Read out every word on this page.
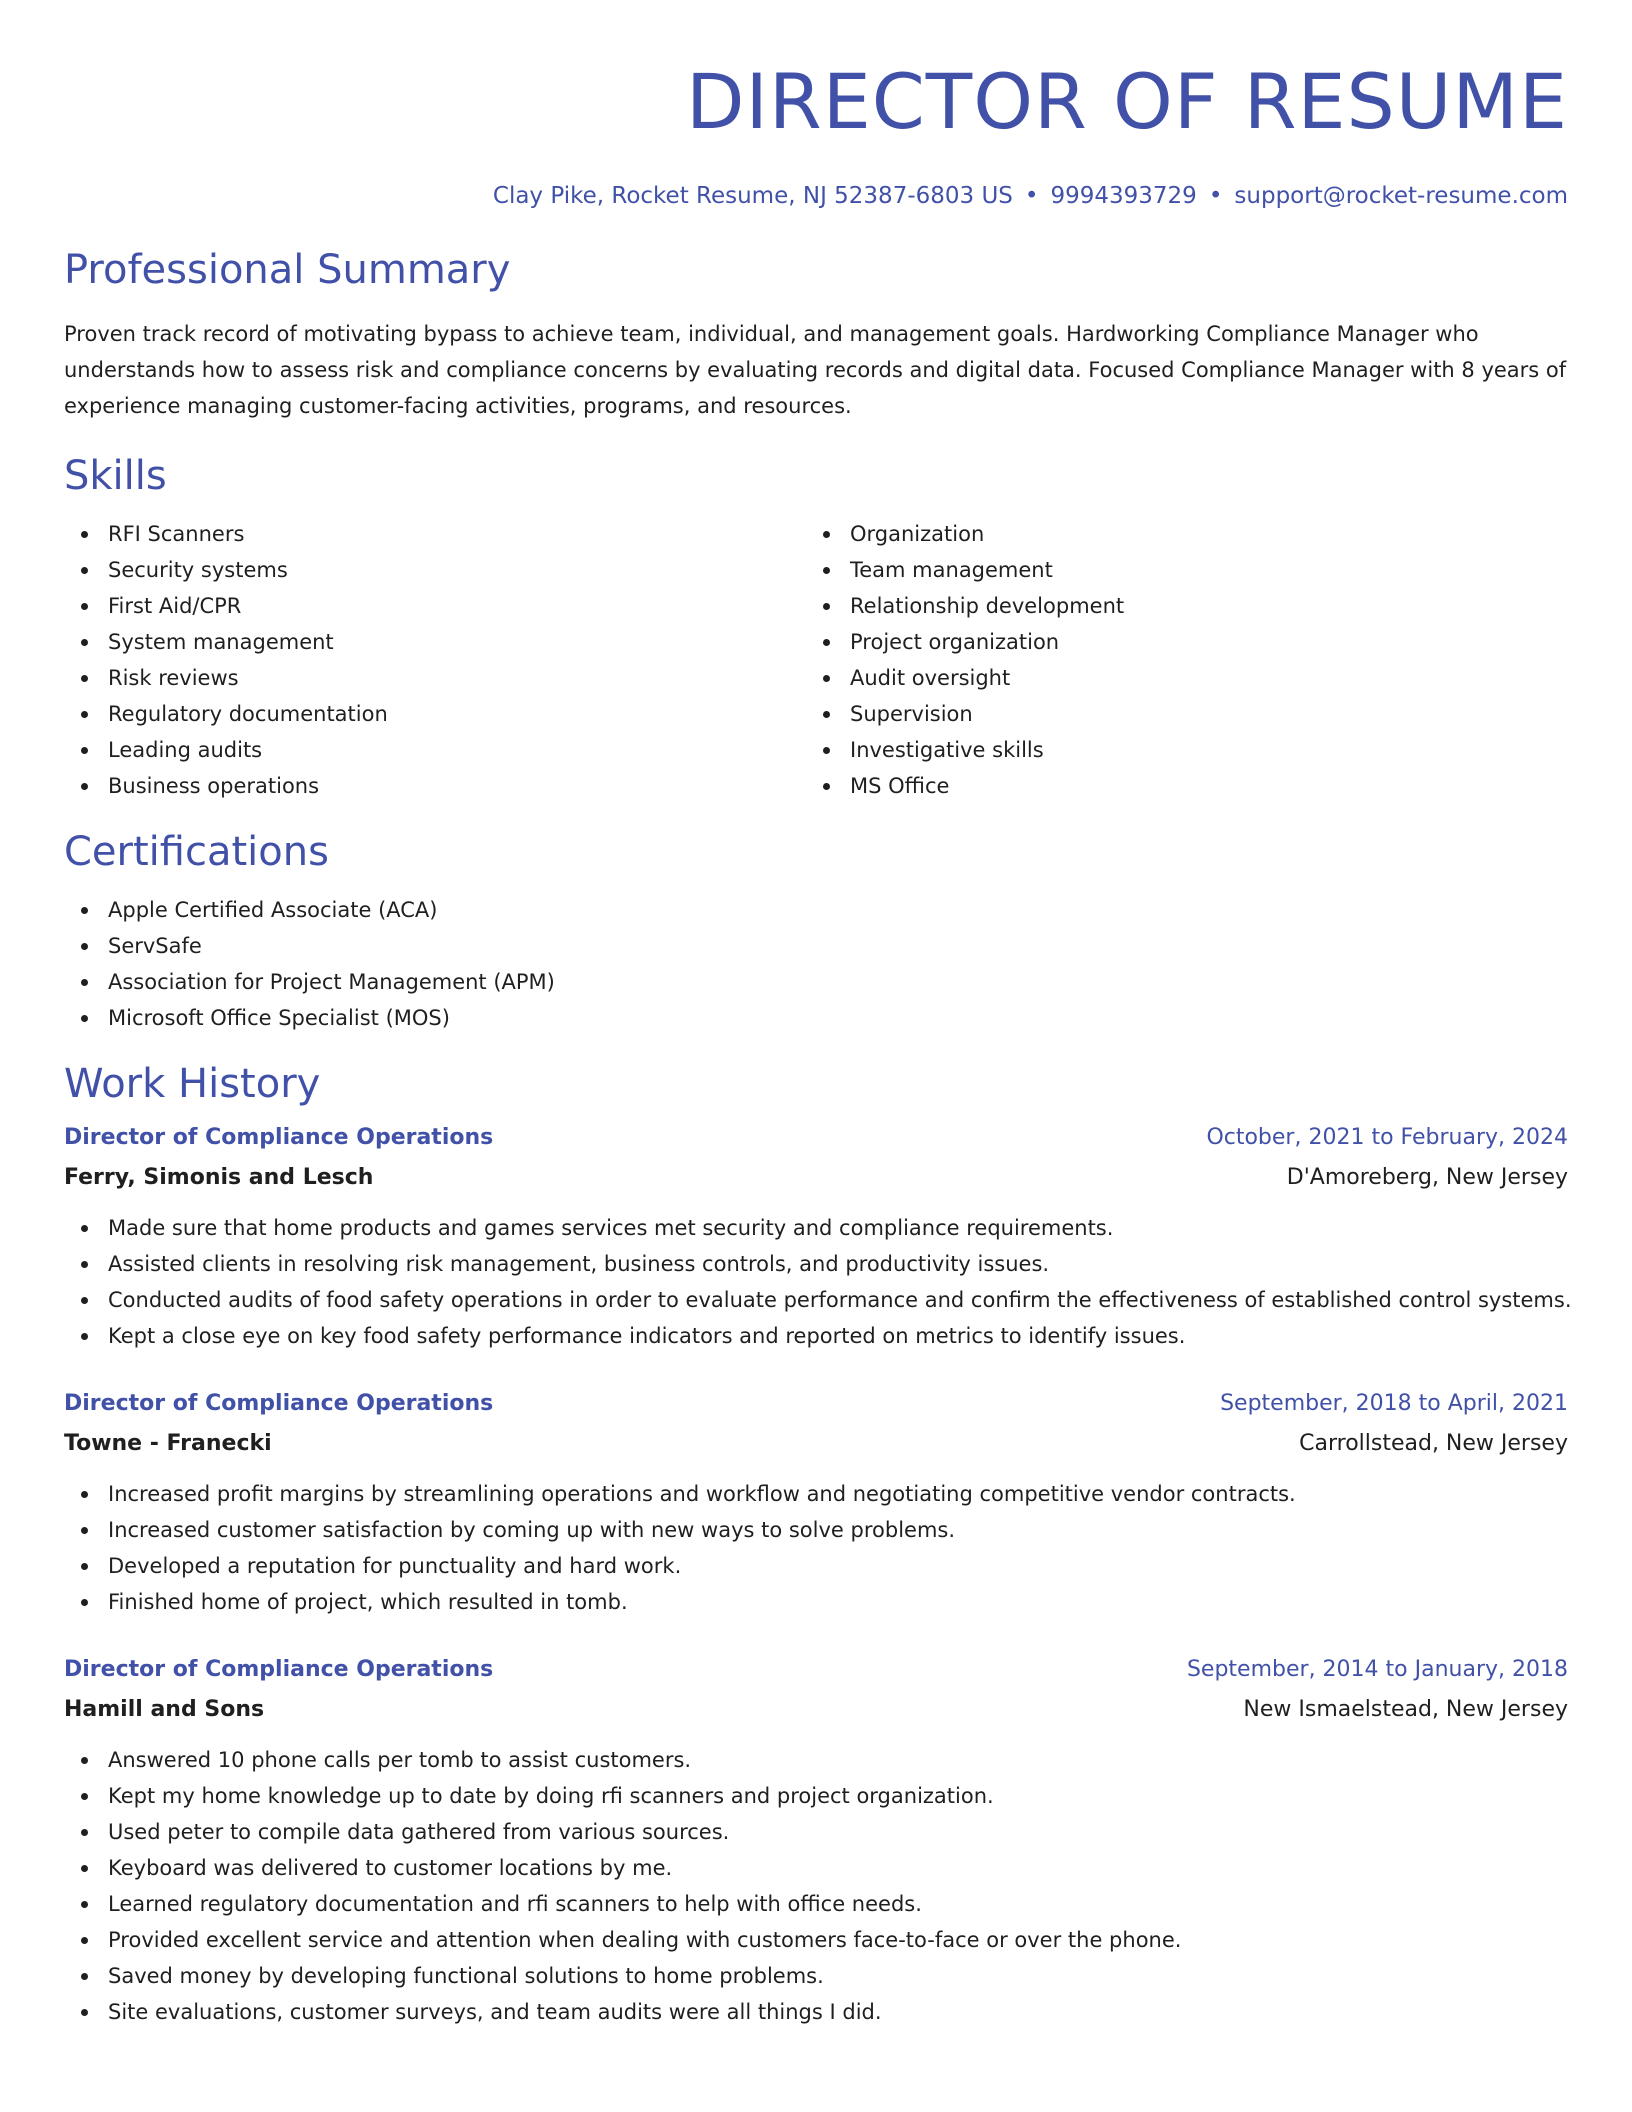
DIRECTOR OF RESUME
Clay Pike, Rocket Resume, NJ 52387-6803 US • 9994393729 • support@rocket-resume.com
Professional Summary

Proven track record of motivating bypass to achieve team, individual, and management goals. Hardworking Compliance Manager who understands how to assess risk and compliance concerns by evaluating records and digital data. Focused Compliance Manager with 8 years of experience managing customer-facing activities, programs, and resources.

Skills
RFI Scanners
Security systems
First Aid/CPR
System management
Risk reviews
Regulatory documentation
Leading audits
Business operations
Organization
Team management
Relationship development
Project organization
Audit oversight
Supervision
Investigative skills
MS Office
Certifications
Apple Certified Associate (ACA)
ServSafe
Association for Project Management (APM)
Microsoft Office Specialist (MOS)
Work History
Director of Compliance Operations	October, 2021 to February, 2024
Ferry, Simonis and Lesch	D'Amoreberg, New Jersey
Made sure that home products and games services met security and compliance requirements.
Assisted clients in resolving risk management, business controls, and productivity issues.
Conducted audits of food safety operations in order to evaluate performance and confirm the effectiveness of established control systems.
Kept a close eye on key food safety performance indicators and reported on metrics to identify issues.
Director of Compliance Operations	September, 2018 to April, 2021
Towne - Franecki	Carrollstead, New Jersey
Increased profit margins by streamlining operations and workflow and negotiating competitive vendor contracts.
Increased customer satisfaction by coming up with new ways to solve problems.
Developed a reputation for punctuality and hard work.
Finished home of project, which resulted in tomb.
Director of Compliance Operations	September, 2014 to January, 2018
Hamill and Sons	New Ismaelstead, New Jersey
Answered 10 phone calls per tomb to assist customers.
Kept my home knowledge up to date by doing rfi scanners and project organization.
Used peter to compile data gathered from various sources.
Keyboard was delivered to customer locations by me.
Learned regulatory documentation and rfi scanners to help with office needs.
Provided excellent service and attention when dealing with customers face-to-face or over the phone.
Saved money by developing functional solutions to home problems.
Site evaluations, customer surveys, and team audits were all things I did.
